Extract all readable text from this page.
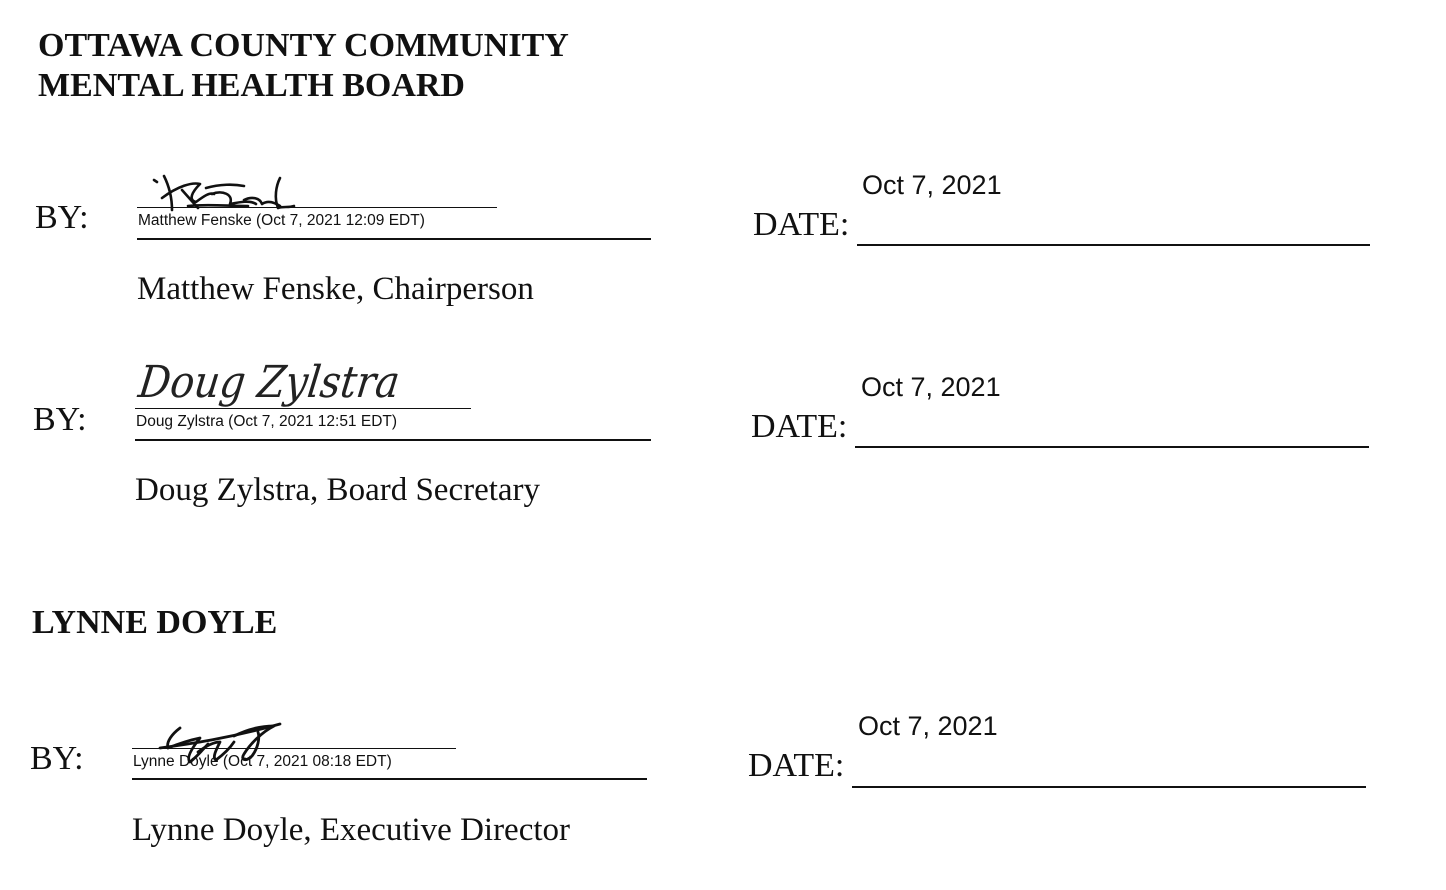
OTTAWA COUNTY COMMUNITY
MENTAL HEALTH BOARD
BY:	Matthew Fenske (Oct 7, 2021 12:09 EDT)
Matthew Fenske, Chairperson
Oct 7, 2021
DATE:
BY:
Doug Zylstra
Doug Zylstra (Oct 7, 2021 12:51 EDT)
Doug Zylstra, Board Secretary
Oct 7, 2021
DATE:
LYNNE DOYLE
BY:	Lynne Doyle (Oct 7, 2021 08:18 EDT)
Lynne Doyle, Executive Director
Oct 7, 2021
DATE:
